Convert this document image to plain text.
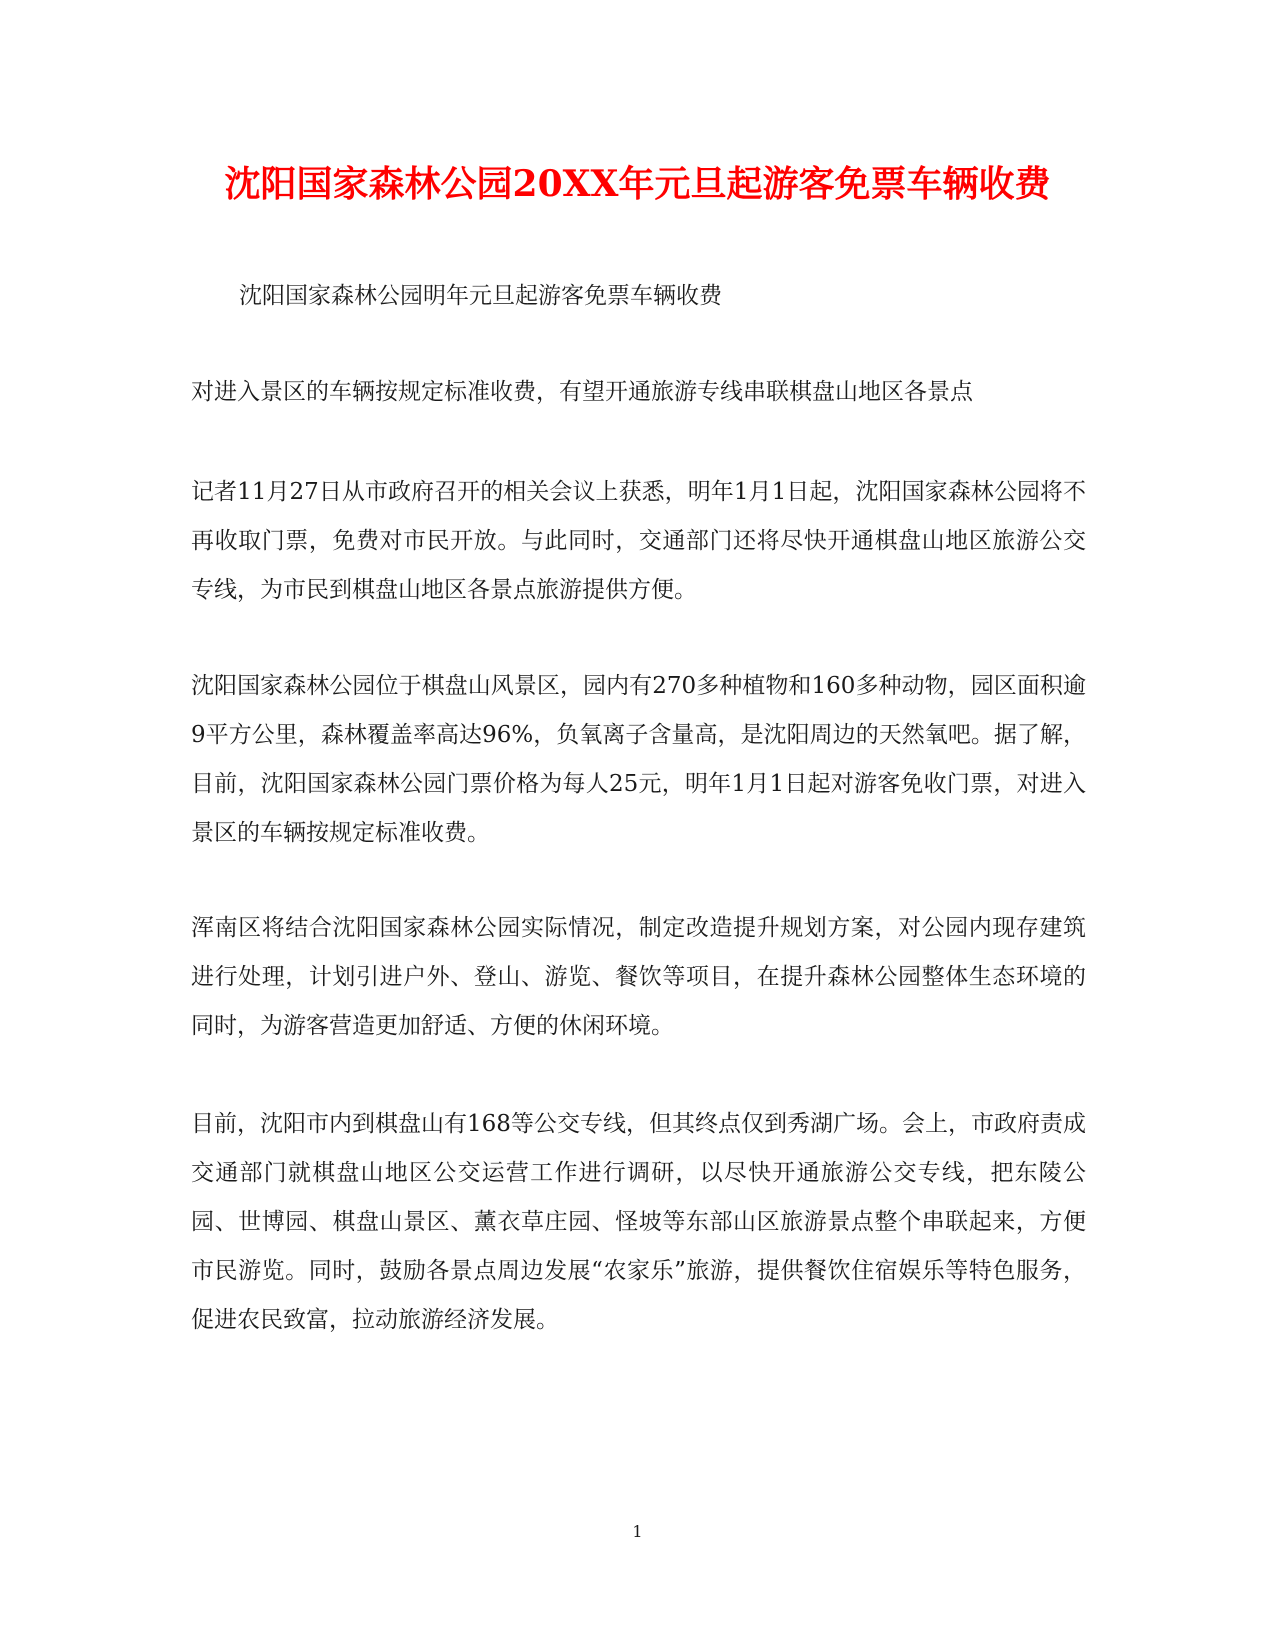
沈阳国家森林公园20XX年元旦起游客免票车辆收费

沈阳国家森林公园明年元旦起游客免票车辆收费

对进入景区的车辆按规定标准收费，有望开通旅游专线串联棋盘山地区各景点

记者11月27日从市政府召开的相关会议上获悉，明年1月1日起，沈阳国家森林公园将不再收取门票，免费对市民开放。与此同时，交通部门还将尽快开通棋盘山地区旅游公交专线，为市民到棋盘山地区各景点旅游提供方便。

沈阳国家森林公园位于棋盘山风景区，园内有270多种植物和160多种动物，园区面积逾9平方公里，森林覆盖率高达96%，负氧离子含量高，是沈阳周边的天然氧吧。据了解，目前，沈阳国家森林公园门票价格为每人25元，明年1月1日起对游客免收门票，对进入景区的车辆按规定标准收费。

浑南区将结合沈阳国家森林公园实际情况，制定改造提升规划方案，对公园内现存建筑进行处理，计划引进户外、登山、游览、餐饮等项目，在提升森林公园整体生态环境的同时，为游客营造更加舒适、方便的休闲环境。

目前，沈阳市内到棋盘山有168等公交专线，但其终点仅到秀湖广场。会上，市政府责成交通部门就棋盘山地区公交运营工作进行调研，以尽快开通旅游公交专线，把东陵公园、世博园、棋盘山景区、薰衣草庄园、怪坡等东部山区旅游景点整个串联起来，方便市民游览。同时，鼓励各景点周边发展“农家乐”旅游，提供餐饮住宿娱乐等特色服务，促进农民致富，拉动旅游经济发展。

1
